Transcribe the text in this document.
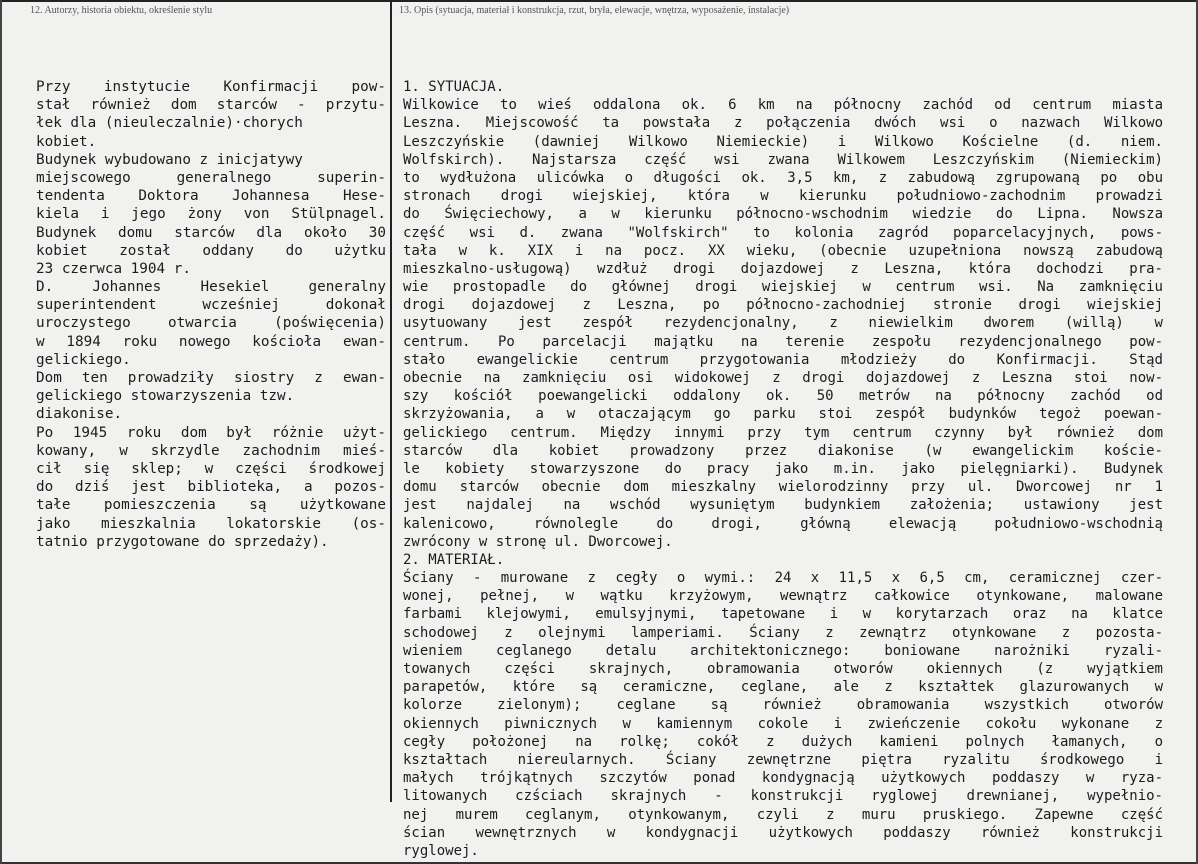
12. Autorzy, historia obiektu, określenie stylu	13. Opis (sytuacja, materiał i konstrukcja, rzut, bryła, elewacje, wnętrza, wyposażenie, instalacje)
Przy instytucie Konfirmacji pow-
stał również dom starców - przytu-
łek dla (nieuleczalnie)·chorych
kobiet.
Budynek wybudowano z inicjatywy
miejscowego generalnego superin-
tendenta Doktora Johannesa Hese-
kiela i jego żony von Stülpnagel.
Budynek domu starców dla około 30
kobiet został oddany do użytku
23 czerwca 1904 r.
D. Johannes Hesekiel generalny
superintendent wcześniej dokonał
uroczystego otwarcia (poświęcenia)
w 1894 roku nowego kościoła ewan-
gelickiego.
Dom ten prowadziły siostry z ewan-
gelickiego stowarzyszenia tzw.
diakonise.
Po 1945 roku dom był różnie użyt-
kowany, w skrzydle zachodnim mieś-
cił się sklep; w części środkowej
do dziś jest biblioteka, a pozos-
tałe pomieszczenia są użytkowane
jako mieszkalnia lokatorskie (os-
tatnio przygotowane do sprzedaży).
1. SYTUACJA.
Wilkowice to wieś oddalona ok. 6 km na północny zachód od centrum miasta
Leszna. Miejscowość ta powstała z połączenia dwóch wsi o nazwach Wilkowo
Leszczyńskie (dawniej Wilkowo Niemieckie) i Wilkowo Kościelne (d. niem.
Wolfskirch). Najstarsza część wsi zwana Wilkowem Leszczyńskim (Niemieckim)
to wydłużona ulicówka o długości ok. 3,5 km, z zabudową zgrupowaną po obu
stronach drogi wiejskiej, która w kierunku południowo-zachodnim prowadzi
do Święciechowy, a w kierunku północno-wschodnim wiedzie do Lipna. Nowsza
część wsi d. zwana "Wolfskirch" to kolonia zagród poparcelacyjnych, pows-
tała w k. XIX i na pocz. XX wieku, (obecnie uzupełniona nowszą zabudową
mieszkalno-usługową) wzdłuż drogi dojazdowej z Leszna, która dochodzi pra-
wie prostopadle do głównej drogi wiejskiej w centrum wsi. Na zamknięciu
drogi dojazdowej z Leszna, po północno-zachodniej stronie drogi wiejskiej
usytuowany jest zespół rezydencjonalny, z niewielkim dworem (willą) w
centrum. Po parcelacji majątku na terenie zespołu rezydencjonalnego pow-
stało ewangelickie centrum przygotowania młodzieży do Konfirmacji. Stąd
obecnie na zamknięciu osi widokowej z drogi dojazdowej z Leszna stoi now-
szy kościół poewangelicki oddalony ok. 50 metrów na północny zachód od
skrzyżowania, a w otaczającym go parku stoi zespół budynków tegoż poewan-
gelickiego centrum. Między innymi przy tym centrum czynny był również dom
starców dla kobiet prowadzony przez diakonise (w ewangelickim koście-
le kobiety stowarzyszone do pracy jako m.in. jako pielęgniarki). Budynek
domu starców obecnie dom mieszkalny wielorodzinny przy ul. Dworcowej nr 1
jest najdalej na wschód wysuniętym budynkiem założenia; ustawiony jest
kalenicowo, równolegle do drogi, główną elewacją południowo-wschodnią
zwrócony w stronę ul. Dworcowej.
2. MATERIAŁ.
Ściany - murowane z cegły o wymi.: 24 x 11,5 x 6,5 cm, ceramicznej czer-
wonej, pełnej, w wątku krzyżowym, wewnątrz całkowice otynkowane, malowane
farbami klejowymi, emulsyjnymi, tapetowane i w korytarzach oraz na klatce
schodowej z olejnymi lamperiami. Ściany z zewnątrz otynkowane z pozosta-
wieniem ceglanego detalu architektonicznego: boniowane narożniki ryzali-
towanych części skrajnych, obramowania otworów okiennych (z wyjątkiem
parapetów, które są ceramiczne, ceglane, ale z kształtek glazurowanych w
kolorze zielonym); ceglane są również obramowania wszystkich otworów
okiennych piwnicznych w kamiennym cokole i zwieńczenie cokołu wykonane z
cegły położonej na rolkę; cokół z dużych kamieni polnych łamanych, o
kształtach niereularnych. Ściany zewnętrzne piętra ryzalitu środkowego i
małych trójkątnych szczytów ponad kondygnacją użytkowych poddaszy w ryza-
litowanych czściach skrajnych - konstrukcji ryglowej drewnianej, wypełnio-
nej murem ceglanym, otynkowanym, czyli z muru pruskiego. Zapewne część
ścian wewnętrznych w kondygnacji użytkowych poddaszy również konstrukcji
ryglowej.
